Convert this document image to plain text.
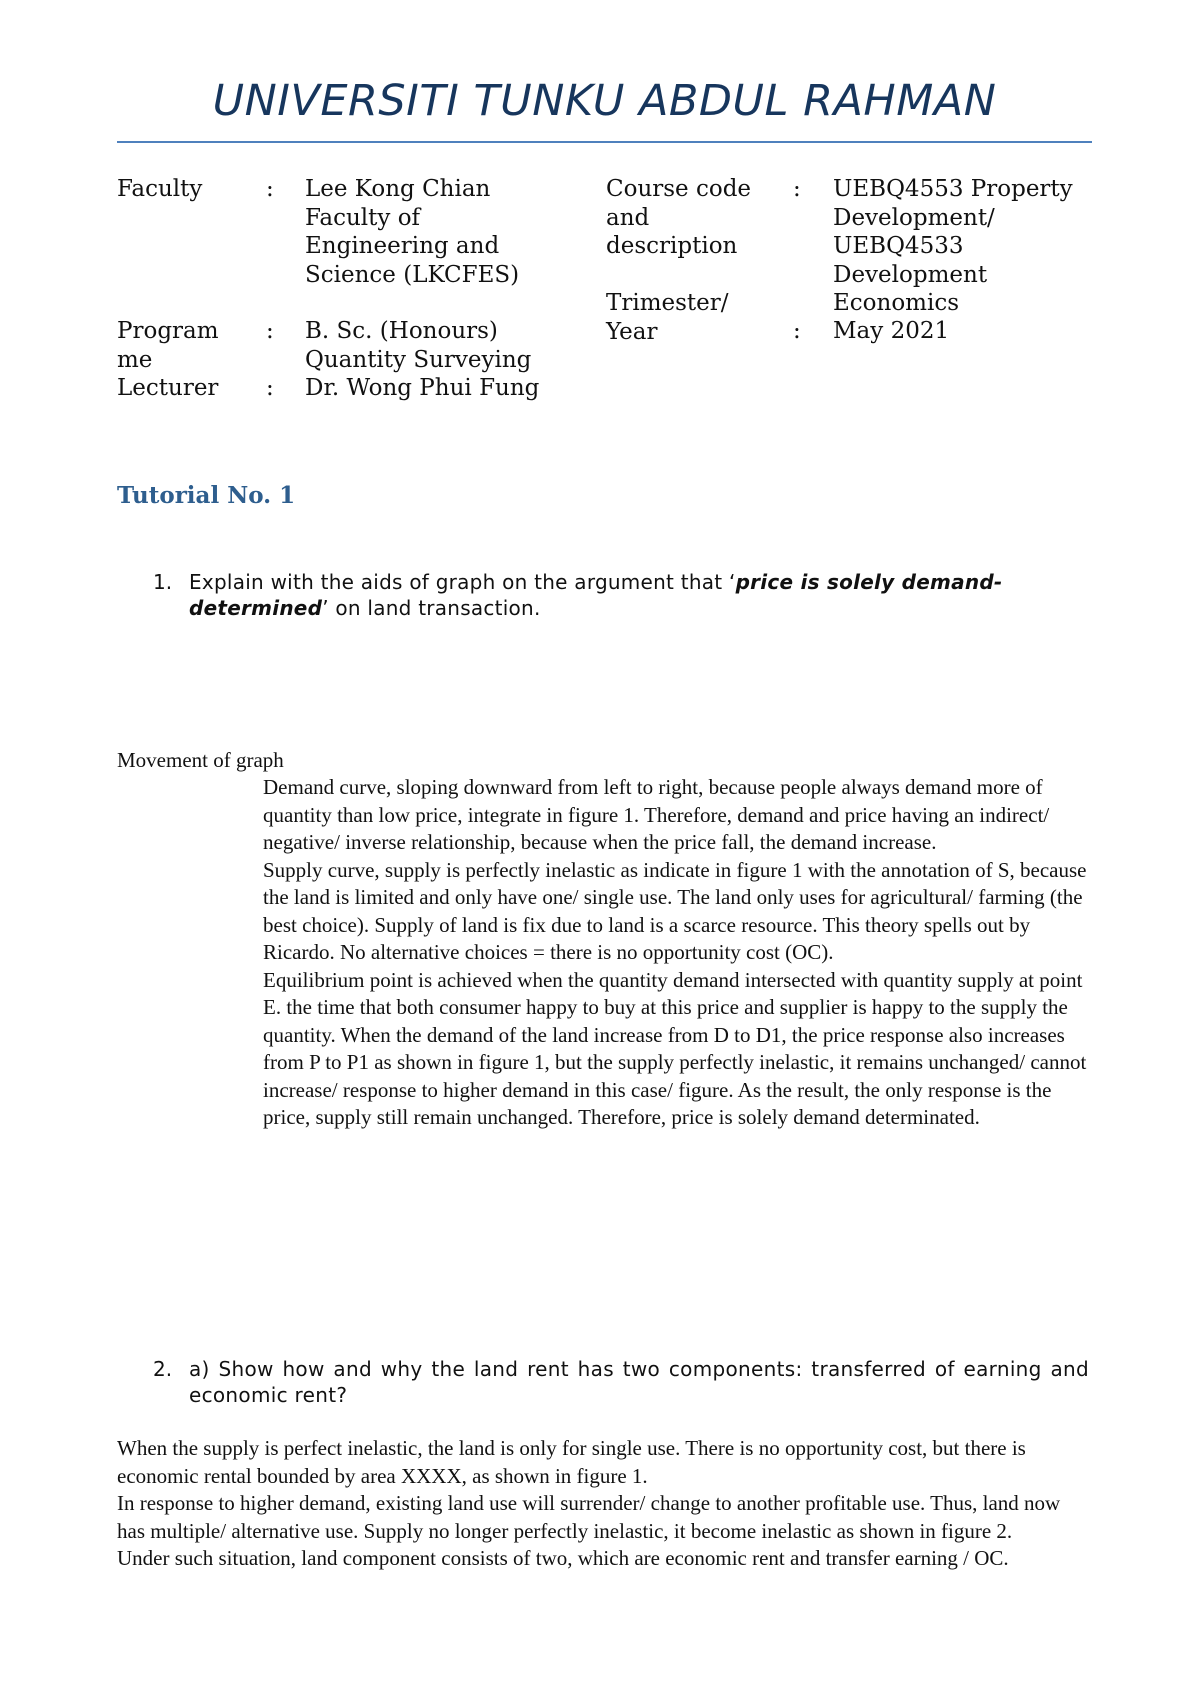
UNIVERSITI TUNKU ABDUL RAHMAN
Faculty	: Lee Kong Chian
Faculty of
Engineering and
Science (LKCFES)
Program
me
: B. Sc. (Honours)
Quantity Surveying
Lecturer	: Dr. Wong Phui Fung
Course code
and
description
: UEBQ4553 Property
Development/
UEBQ4533
Development
Economics
Trimester/
Year	: May 2021
Tutorial No. 1
1. Explain with the aids of graph on the argument that ‘price is solely demand-determined’ on land transaction.
Movement of graph
Demand curve, sloping downward from left to right, because people always demand more of quantity than low price, integrate in figure 1. Therefore, demand and price having an indirect/ negative/ inverse relationship, because when the price fall, the demand increase.
Supply curve, supply is perfectly inelastic as indicate in figure 1 with the annotation of S, because the land is limited and only have one/ single use. The land only uses for agricultural/ farming (the best choice). Supply of land is fix due to land is a scarce resource. This theory spells out by Ricardo. No alternative choices = there is no opportunity cost (OC).
Equilibrium point is achieved when the quantity demand intersected with quantity supply at point E. the time that both consumer happy to buy at this price and supplier is happy to the supply the quantity. When the demand of the land increase from D to D1, the price response also increases from P to P1 as shown in figure 1, but the supply perfectly inelastic, it remains unchanged/ cannot increase/ response to higher demand in this case/ figure. As the result, the only response is the price, supply still remain unchanged. Therefore, price is solely demand determinated.
2. a) Show how and why the land rent has two components: transferred of earning and economic rent?
When the supply is perfect inelastic, the land is only for single use. There is no opportunity cost, but there is economic rental bounded by area XXXX, as shown in figure 1.
In response to higher demand, existing land use will surrender/ change to another profitable use. Thus, land now has multiple/ alternative use. Supply no longer perfectly inelastic, it become inelastic as shown in figure 2.
Under such situation, land component consists of two, which are economic rent and transfer earning / OC.
